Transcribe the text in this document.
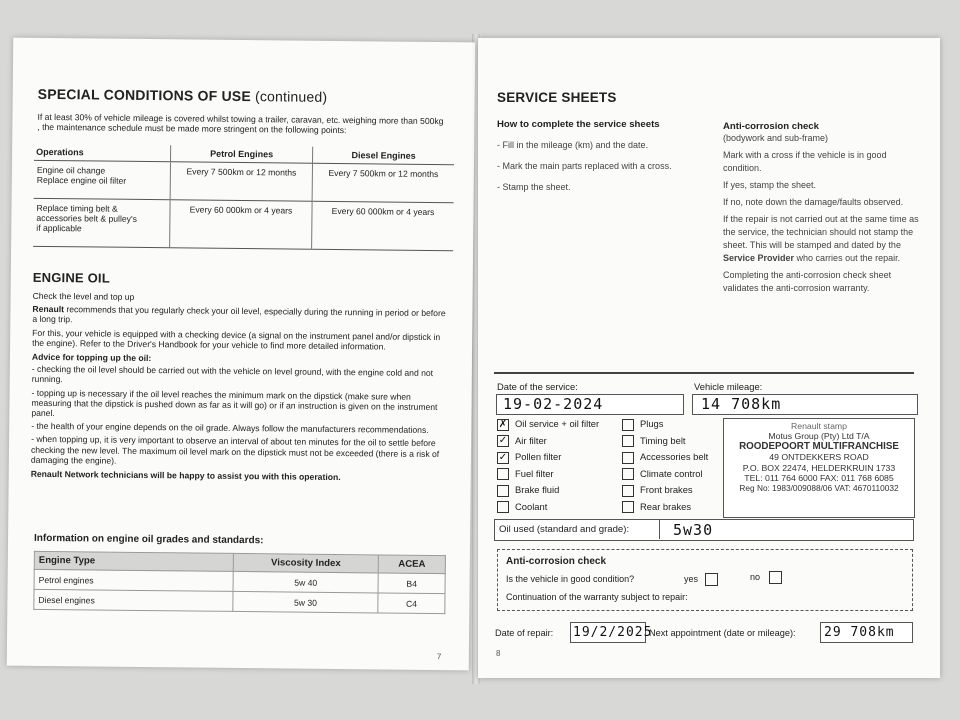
SPECIAL CONDITIONS OF USE (continued)
If at least 30% of vehicle mileage is covered whilst towing a trailer, caravan, etc. weighing more than 500kg , the maintenance schedule must be made more stringent on the following points:
Operations	Petrol Engines	Diesel Engines

Engine oil change
Replace engine oil filter	Every 7 500km or 12 months	Every 7 500km or 12 months

Replace timing belt &
accessories belt & pulley's
if applicable	Every 60 000km or 4 years	Every 60 000km or 4 years
ENGINE OIL
Check the level and top up
Renault recommends that you regularly check your oil level, especially during the running in period or before a long trip.
For this, your vehicle is equipped with a checking device (a signal on the instrument panel and/or dipstick in the engine). Refer to the Driver's Handbook for your vehicle to find more detailed information.
Advice for topping up the oil:
- checking the oil level should be carried out with the vehicle on level ground, with the engine cold and not running.
- topping up is necessary if the oil level reaches the minimum mark on the dipstick (make sure when measuring that the dipstick is pushed down as far as it will go) or if an instruction is given on the instrument panel.
- the health of your engine depends on the oil grade. Always follow the manufacturers recommendations.
- when topping up, it is very important to observe an interval of about ten minutes for the oil to settle before checking the new level. The maximum oil level mark on the dipstick must not be exceeded (there is a risk of damaging the engine).
Renault Network technicians will be happy to assist you with this operation.
Information on engine oil grades and standards:
Engine Type	Viscosity Index	ACEA
Petrol engines	5w 40	B4
Diesel engines	5w 30	C4
7
SERVICE SHEETS
How to complete the service sheets
- Fill in the mileage (km) and the date.
- Mark the main parts replaced with a cross.
- Stamp the sheet.
Anti-corrosion check
(bodywork and sub-frame)
Mark with a cross if the vehicle is in good condition.
If yes, stamp the sheet.
If no, note down the damage/faults observed.
If the repair is not carried out at the same time as the service, the technician should not stamp the sheet. This will be stamped and dated by the Service Provider who carries out the repair.
Completing the anti-corrosion check sheet validates the anti-corrosion warranty.
Date of the service:
19-02-2024
Vehicle mileage:
14 708km
✗ Oil service + oil filter
✓ Air filter
✓ Pollen filter
Fuel filter
Brake fluid
Coolant
Plugs
Timing belt
Accessories belt
Climate control
Front brakes
Rear brakes
Renault stamp
Motus Group (Pty) Ltd T/A
ROODEPOORT MULTIFRANCHISE
49 ONTDEKKERS ROAD
P.O. BOX 22474, HELDERKRUIN 1733
TEL: 011 764 6000 FAX: 011 768 6085
Reg No: 1983/009088/06 VAT: 4670110032
Oil used (standard and grade):	5w30
Anti-corrosion check
Is the vehicle in good condition?	yes	no
Continuation of the warranty subject to repair:
Date of repair: 19/2/2025
Next appointment (date or mileage):	29 708km
8
